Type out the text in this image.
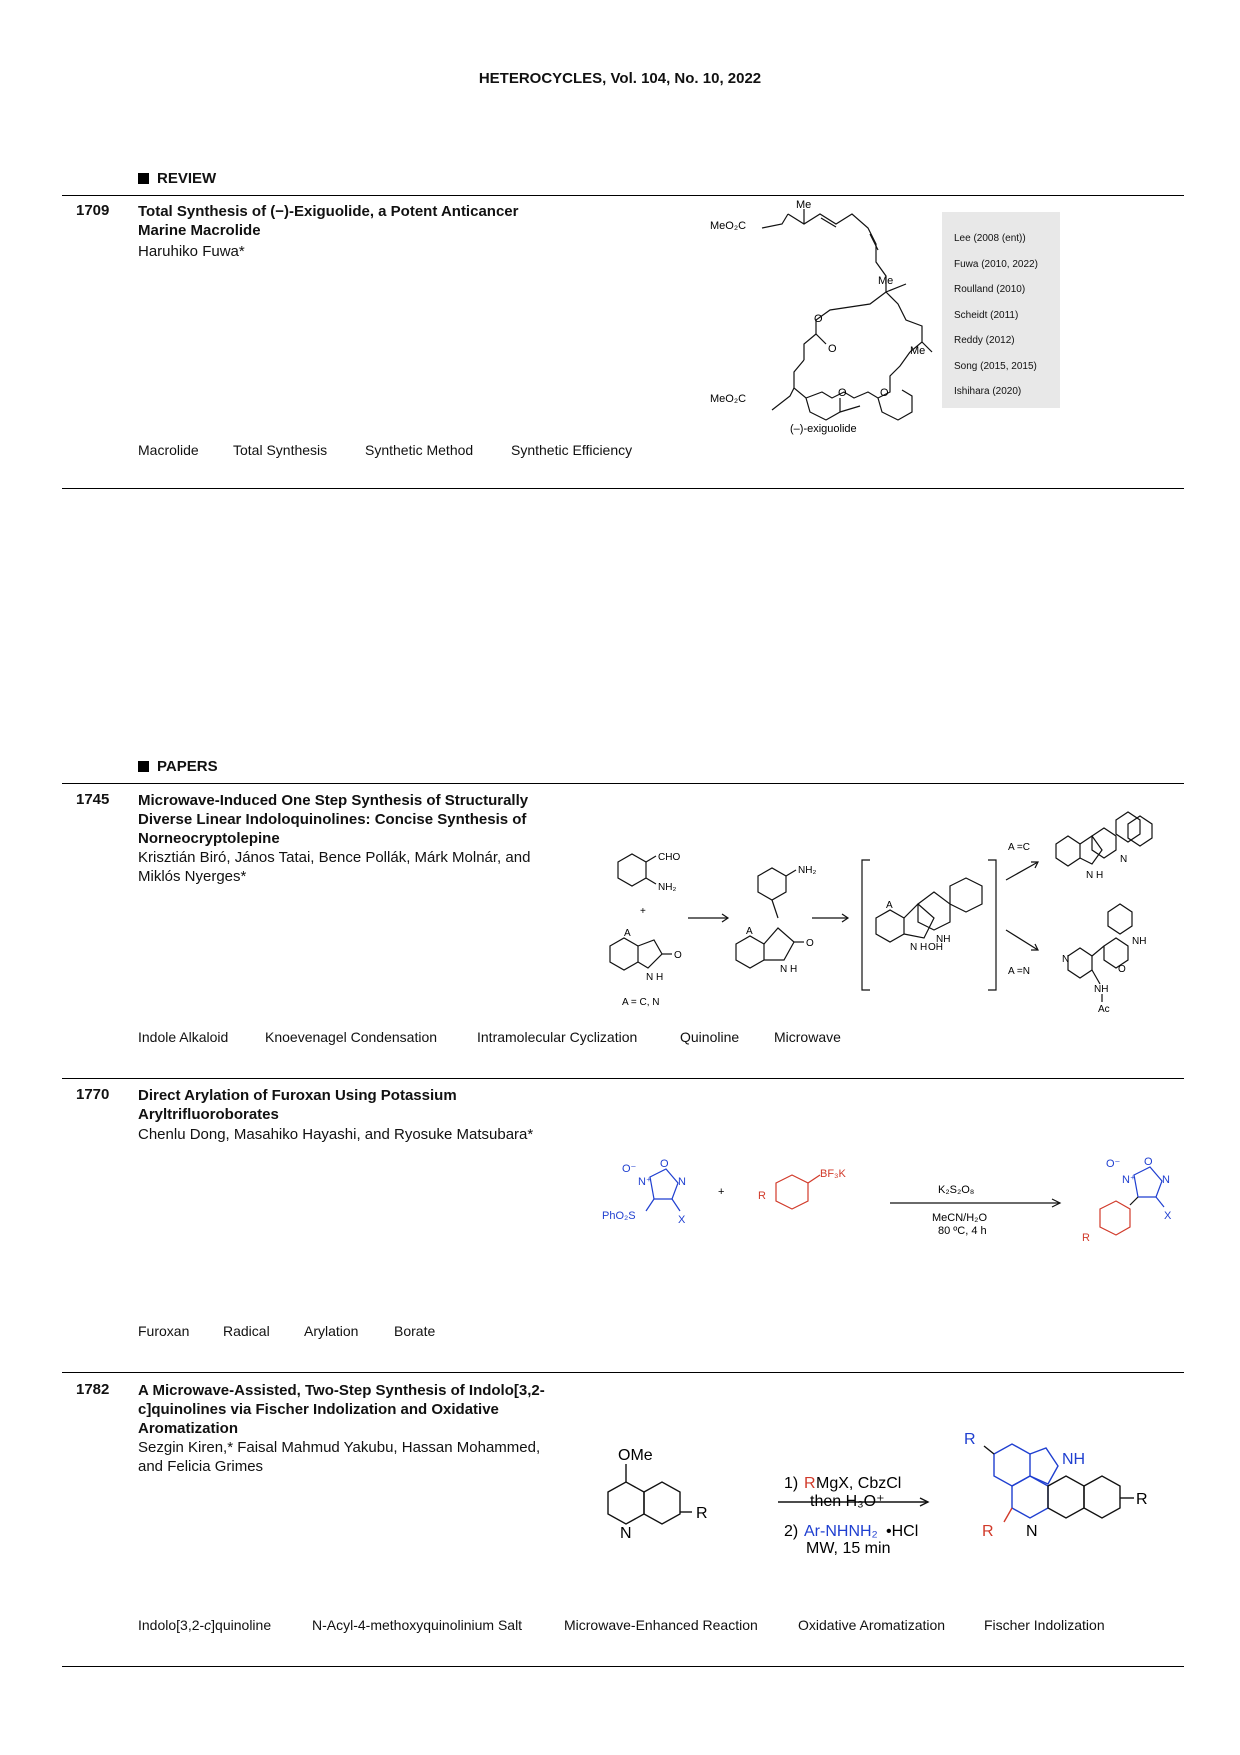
HETEROCYCLES, Vol. 104, No. 10, 2022
REVIEW
1709 Total Synthesis of (−)-Exiguolide, a Potent Anticancer
Marine Macrolide
Haruhiko Fuwa*
MeO₂C
Me
Me
Me
MeO₂C
O
O
O	O
(–)-exiguolide
Lee (2008 (ent))
Fuwa (2010, 2022)
Roulland (2010)
Scheidt (2011)
Reddy (2012)
Song (2015, 2015)
Ishihara (2020)
Macrolide Total Synthesis	Synthetic Method	Synthetic Efficiency
PAPERS
1745 Microwave-Induced One Step Synthesis of Structurally
Diverse Linear Indoloquinolines: Concise Synthesis of
Norneocryptolepine
Krisztián Biró, János Tatai, Bence Pollák, Márk Molnár, and
Miklós Nyerges*
CHO
NH₂
+
A
O
N H
A = C, N
NH₂
A
O
N H
A
NH
N H OH
A =C
A =N
N H
N
N
NH
O
NH
Ac
Indole Alkaloid	Knoevenagel Condensation	Intramolecular Cyclization	Quinoline Microwave
1770 Direct Arylation of Furoxan Using Potassium
Aryltrifluoroborates
Chenlu Dong, Masahiko Hayashi, and Ryosuke Matsubara*
O⁻
N⁺
O
N
PhO₂S	X
+	R
BF₃K
K₂S₂O₈
MeCN/H₂O
80 ºC, 4 h
O⁻
N⁺
O
N
X
R
Furoxan Radical Arylation	Borate
1782 A Microwave-Assisted, Two-Step Synthesis of Indolo[3,2-
c]quinolines via Fischer Indolization and Oxidative
Aromatization
Sezgin Kiren,* Faisal Mahmud Yakubu, Hassan Mohammed,
and Felicia Grimes
OMe
N
R
1) R MgX, CbzCl
then H₃O⁺
2) Ar-NHNH₂ •HCl
MW, 15 min
R
NH
R N
R
Indolo[3,2-c]quinoline	N-Acyl-4-methoxyquinolinium Salt	Microwave-Enhanced Reaction	Oxidative Aromatization	Fischer Indolization
